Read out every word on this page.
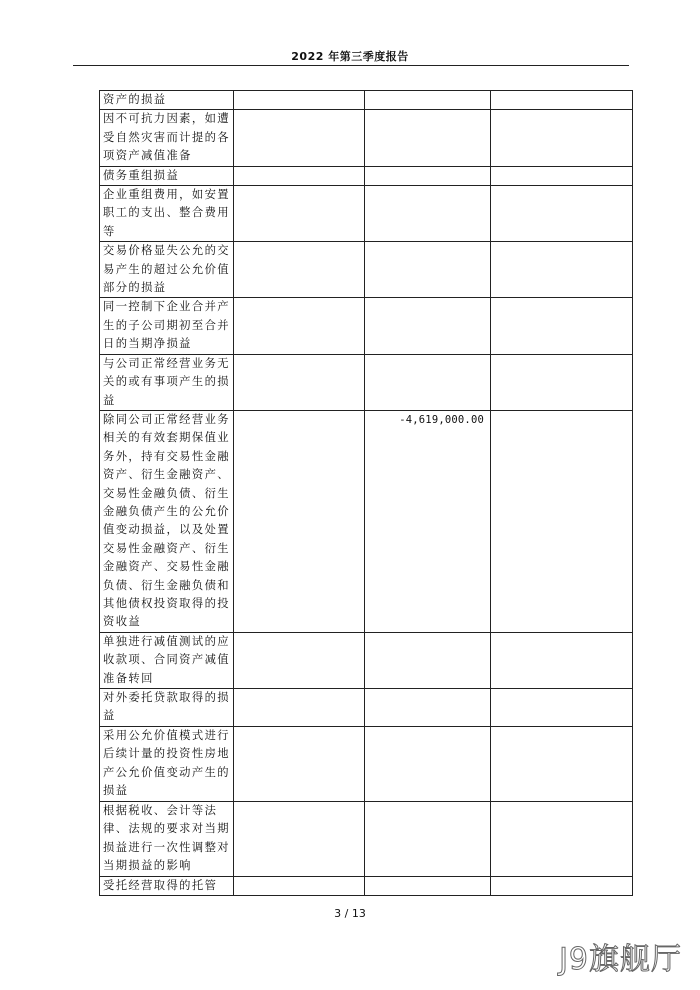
2022 年第三季度报告
资产的损益			
因不可抗力因素，如遭受自然灾害而计提的各项资产减值准备			
债务重组损益			
企业重组费用，如安置职工的支出、整合费用等			
交易价格显失公允的交易产生的超过公允价值部分的损益			
同一控制下企业合并产生的子公司期初至合并日的当期净损益			
与公司正常经营业务无关的或有事项产生的损益			
除同公司正常经营业务相关的有效套期保值业务外，持有交易性金融资产、衍生金融资产、交易性金融负债、衍生金融负债产生的公允价值变动损益，以及处置交易性金融资产、衍生金融资产、交易性金融负债、衍生金融负债和其他债权投资取得的投资收益		-4,619,000.00	
单独进行减值测试的应收款项、合同资产减值准备转回			
对外委托贷款取得的损益			
采用公允价值模式进行后续计量的投资性房地产公允价值变动产生的损益			
根据税收、会计等法律、法规的要求对当期损益进行一次性调整对当期损益的影响			
受托经营取得的托管			
3 / 13
J9旗舰厅
